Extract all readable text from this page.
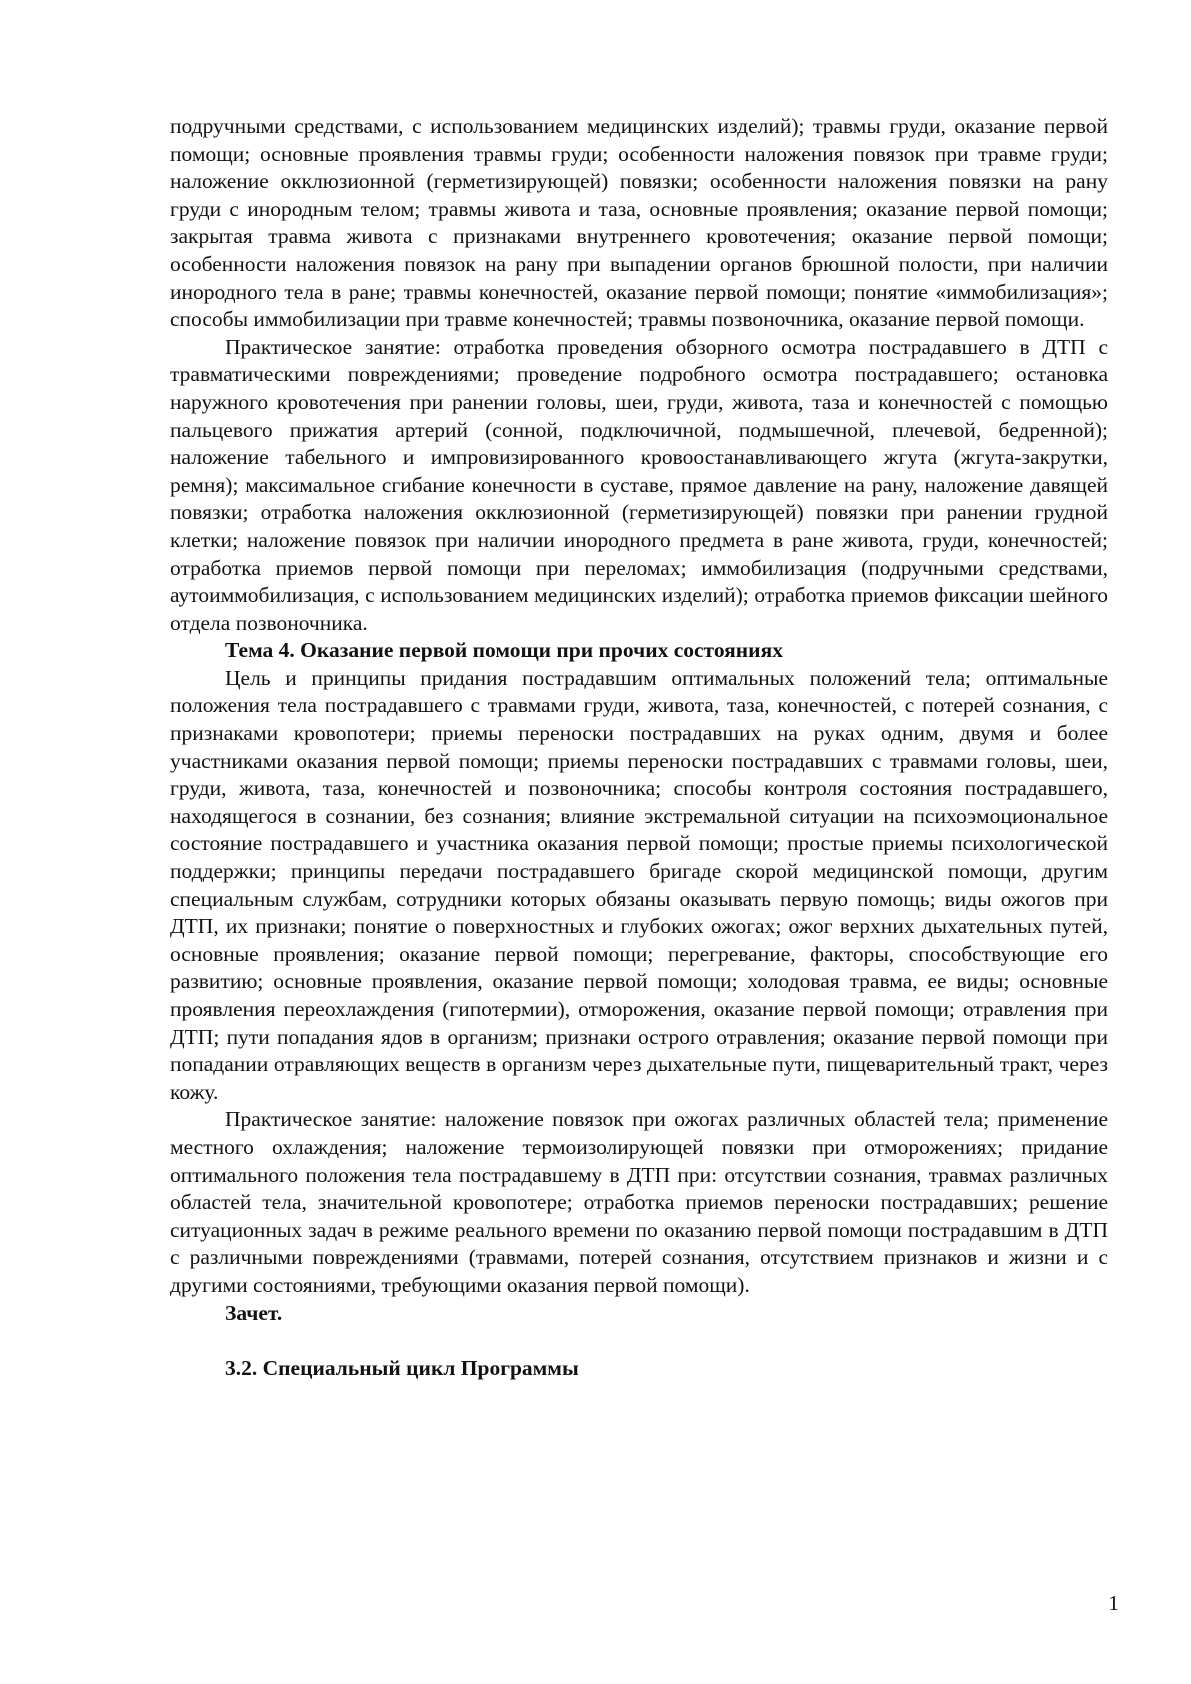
подручными средствами, с использованием медицинских изделий); травмы груди, оказание первой помощи; основные проявления травмы груди; особенности наложения повязок при травме груди; наложение окклюзионной (герметизирующей) повязки; особенности наложения повязки на рану груди с инородным телом; травмы живота и таза, основные проявления; оказание первой помощи; закрытая травма живота с признаками внутреннего кровотечения; оказание первой помощи; особенности наложения повязок на рану при выпадении органов брюшной полости, при наличии инородного тела в ране; травмы конечностей, оказание первой помощи; понятие «иммобилизация»; способы иммобилизации при травме конечностей; травмы позвоночника, оказание первой помощи.

Практическое занятие: отработка проведения обзорного осмотра пострадавшего в ДТП с травматическими повреждениями; проведение подробного осмотра пострадавшего; остановка наружного кровотечения при ранении головы, шеи, груди, живота, таза и конечностей с помощью пальцевого прижатия артерий (сонной, подключичной, подмышечной, плечевой, бедренной); наложение табельного и импровизированного кровоостанавливающего жгута (жгута-закрутки, ремня); максимальное сгибание конечности в суставе, прямое давление на рану, наложение давящей повязки; отработка наложения окклюзионной (герметизирующей) повязки при ранении грудной клетки; наложение повязок при наличии инородного предмета в ране живота, груди, конечностей; отработка приемов первой помощи при переломах; иммобилизация (подручными средствами, аутоиммобилизация, с использованием медицинских изделий); отработка приемов фиксации шейного отдела позвоночника.

Тема 4. Оказание первой помощи при прочих состояниях

Цель и принципы придания пострадавшим оптимальных положений тела; оптимальные положения тела пострадавшего с травмами груди, живота, таза, конечностей, с потерей сознания, с признаками кровопотери; приемы переноски пострадавших на руках одним, двумя и более участниками оказания первой помощи; приемы переноски пострадавших с травмами головы, шеи, груди, живота, таза, конечностей и позвоночника; способы контроля состояния пострадавшего, находящегося в сознании, без сознания; влияние экстремальной ситуации на психоэмоциональное состояние пострадавшего и участника оказания первой помощи; простые приемы психологической поддержки; принципы передачи пострадавшего бригаде скорой медицинской помощи, другим специальным службам, сотрудники которых обязаны оказывать первую помощь; виды ожогов при ДТП, их признаки; понятие о поверхностных и глубоких ожогах; ожог верхних дыхательных путей, основные проявления; оказание первой помощи; перегревание, факторы, способствующие его развитию; основные проявления, оказание первой помощи; холодовая травма, ее виды; основные проявления переохлаждения (гипотермии), отморожения, оказание первой помощи; отравления при ДТП; пути попадания ядов в организм; признаки острого отравления; оказание первой помощи при попадании отравляющих веществ в организм через дыхательные пути, пищеварительный тракт, через кожу.

Практическое занятие: наложение повязок при ожогах различных областей тела; применение местного охлаждения; наложение термоизолирующей повязки при отморожениях; придание оптимального положения тела пострадавшему в ДТП при: отсутствии сознания, травмах различных областей тела, значительной кровопотере; отработка приемов переноски пострадавших; решение ситуационных задач в режиме реального времени по оказанию первой помощи пострадавшим в ДТП с различными повреждениями (травмами, потерей сознания, отсутствием признаков и жизни и с другими состояниями, требующими оказания первой помощи).

Зачет.

3.2. Специальный цикл Программы

1
